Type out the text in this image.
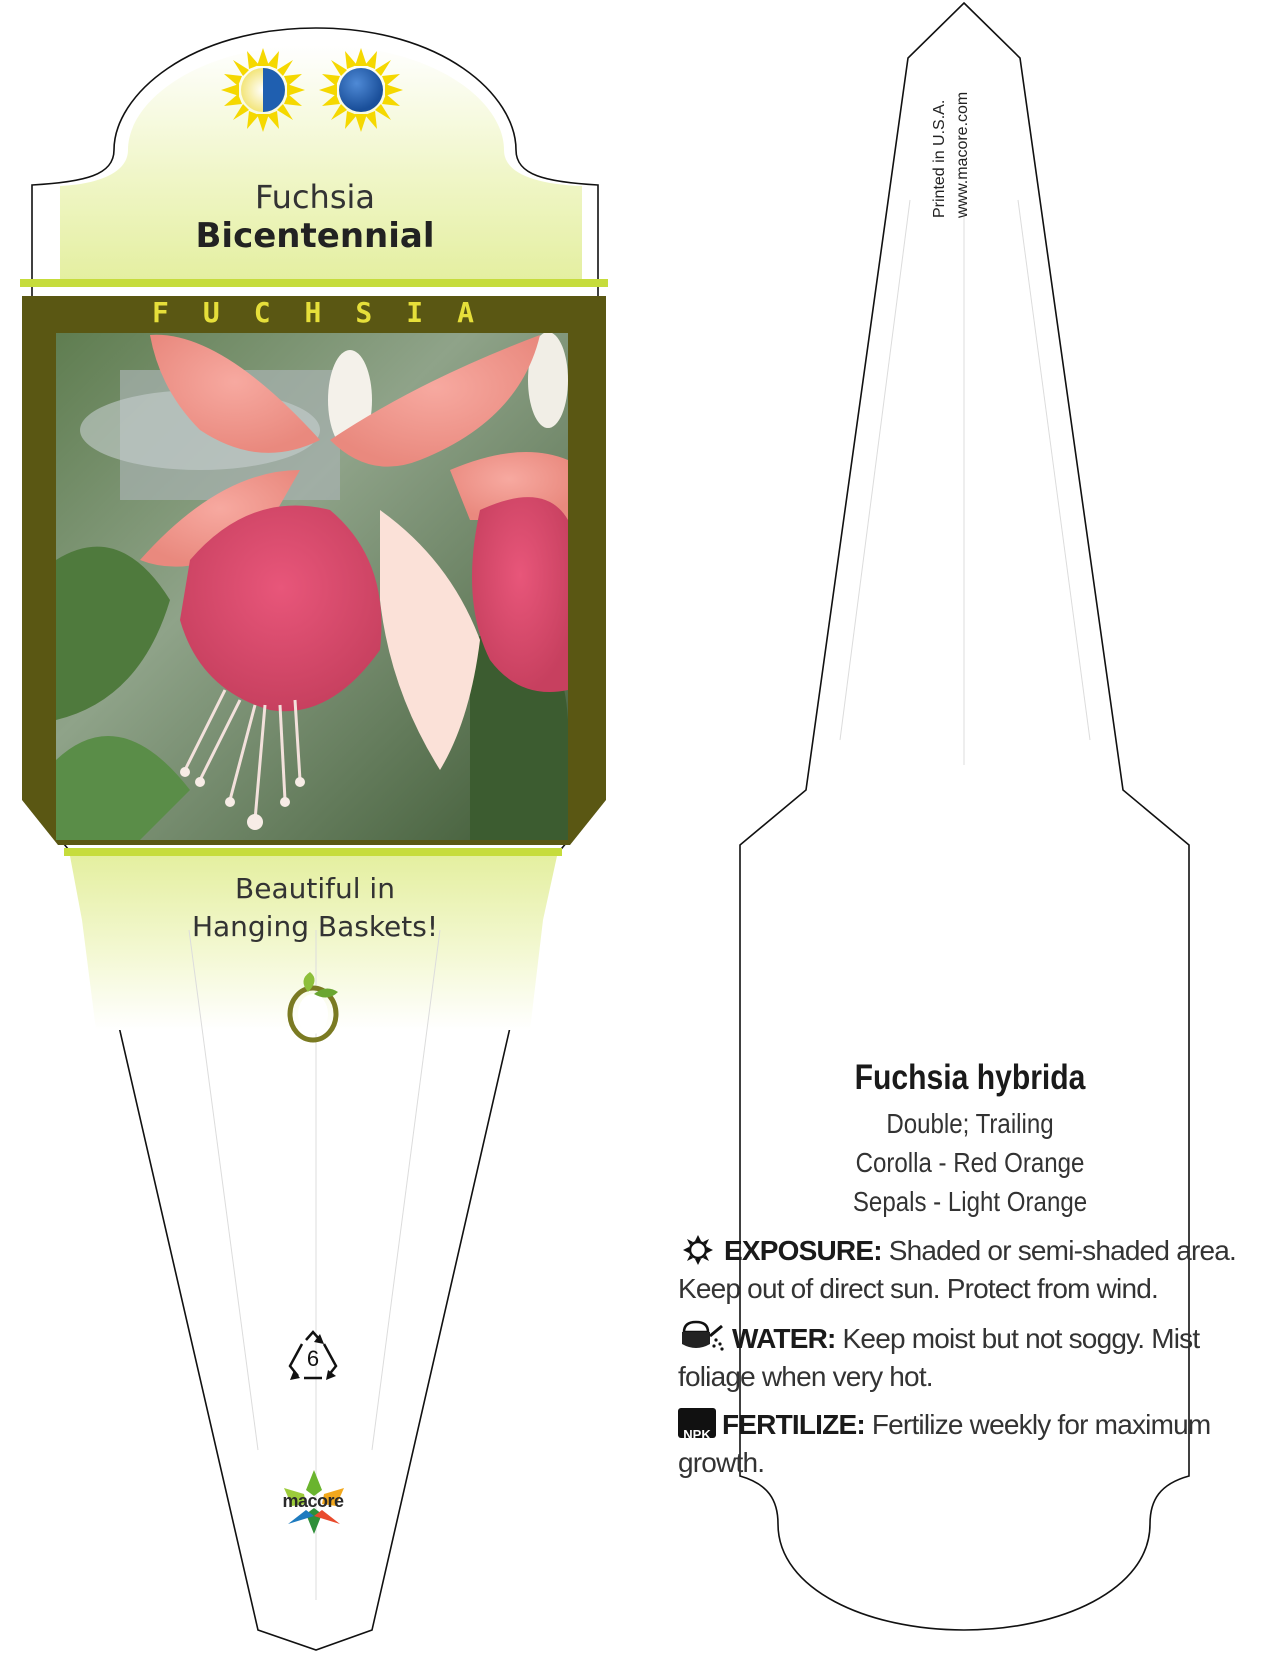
Fuchsia
Bicentennial
FUCHSIA
Beautiful in
Hanging Baskets!
6
macore
Printed in U.S.A. www.macore.com
Fuchsia hybrida
Double; Trailing
Corolla - Red Orange
Sepals - Light Orange
EXPOSURE: Shaded or semi-shaded area. Keep out of direct sun. Protect from wind.
WATER: Keep moist but not soggy. Mist foliage when very hot.
NPK FERTILIZE: Fertilize weekly for maximum growth.
